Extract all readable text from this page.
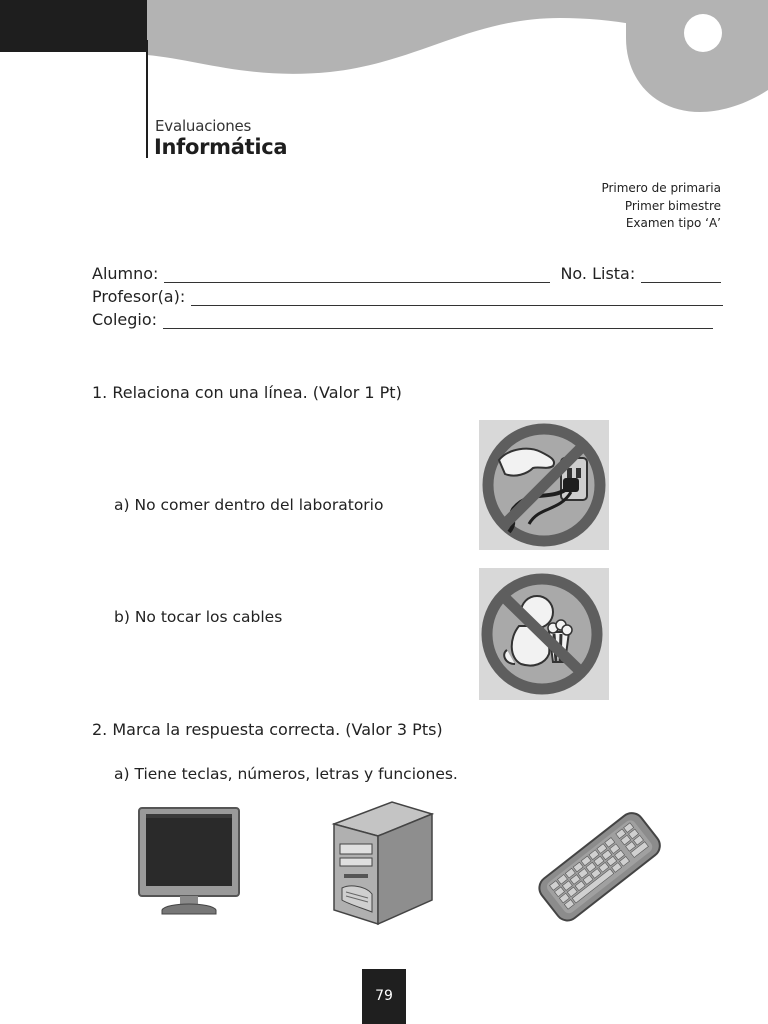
Evaluaciones
Informática
Primero de primaria
Primer bimestre
Examen tipo ‘A’
Alumno:	No. Lista:
Profesor(a):
Colegio:
1. Relaciona con una línea. (Valor 1 Pt)
a) No comer dentro del laboratorio
b) No tocar los cables
2. Marca la respuesta correcta. (Valor 3 Pts)
a) Tiene teclas, números, letras y funciones.
79
